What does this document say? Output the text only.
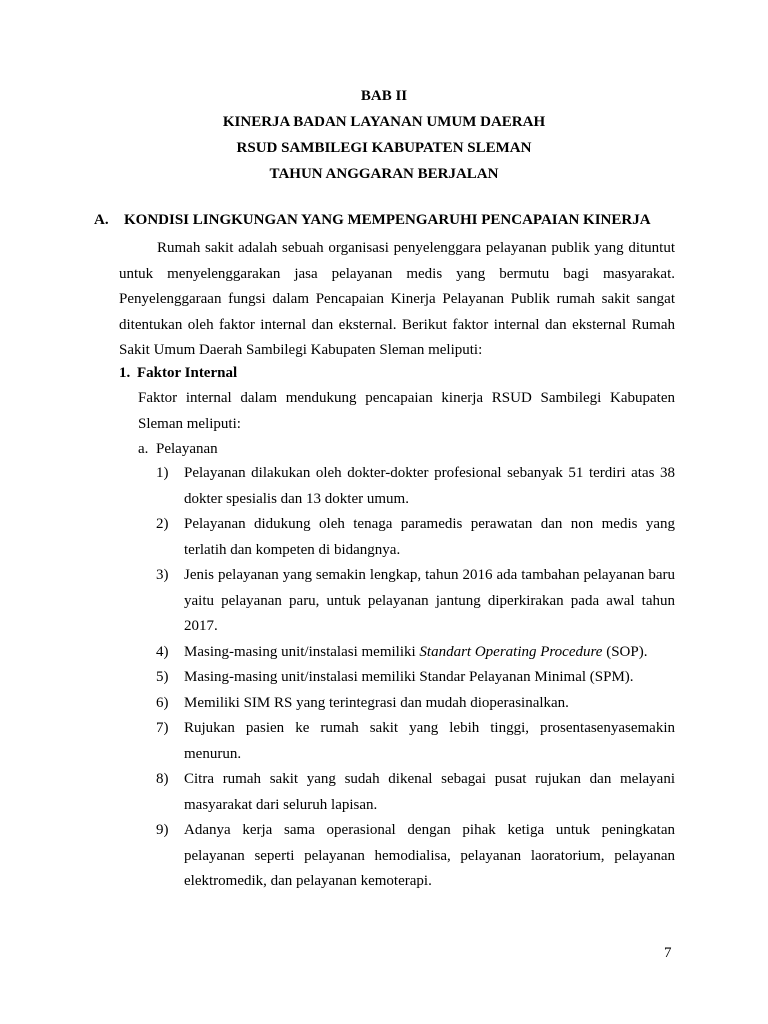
BAB II
KINERJA BADAN LAYANAN UMUM DAERAH
RSUD SAMBILEGI KABUPATEN SLEMAN
TAHUN ANGGARAN BERJALAN
A. KONDISI LINGKUNGAN YANG MEMPENGARUHI PENCAPAIAN KINERJA
Rumah sakit adalah sebuah organisasi penyelenggara pelayanan publik yang dituntut untuk menyelenggarakan jasa pelayanan medis yang bermutu bagi masyarakat. Penyelenggaraan fungsi dalam Pencapaian Kinerja Pelayanan Publik rumah sakit sangat ditentukan oleh faktor internal dan eksternal. Berikut faktor internal dan eksternal Rumah Sakit Umum Daerah Sambilegi Kabupaten Sleman meliputi:
1. Faktor Internal
Faktor internal dalam mendukung pencapaian kinerja RSUD Sambilegi Kabupaten Sleman meliputi:
a. Pelayanan
1) Pelayanan dilakukan oleh dokter-dokter profesional sebanyak 51 terdiri atas 38 dokter spesialis dan 13 dokter umum.
2) Pelayanan didukung oleh tenaga paramedis perawatan dan non medis yang terlatih dan kompeten di bidangnya.
3) Jenis pelayanan yang semakin lengkap, tahun 2016 ada tambahan pelayanan baru yaitu pelayanan paru, untuk pelayanan jantung diperkirakan pada awal tahun 2017.
4) Masing-masing unit/instalasi memiliki Standart Operating Procedure (SOP).
5) Masing-masing unit/instalasi memiliki Standar Pelayanan Minimal (SPM).
6) Memiliki SIM RS yang terintegrasi dan mudah dioperasinalkan.
7) Rujukan pasien ke rumah sakit yang lebih tinggi, prosentasenyasemakin menurun.
8) Citra rumah sakit yang sudah dikenal sebagai pusat rujukan dan melayani masyarakat dari seluruh lapisan.
9) Adanya kerja sama operasional dengan pihak ketiga untuk peningkatan pelayanan seperti pelayanan hemodialisa, pelayanan laoratorium, pelayanan elektromedik, dan pelayanan kemoterapi.
7
